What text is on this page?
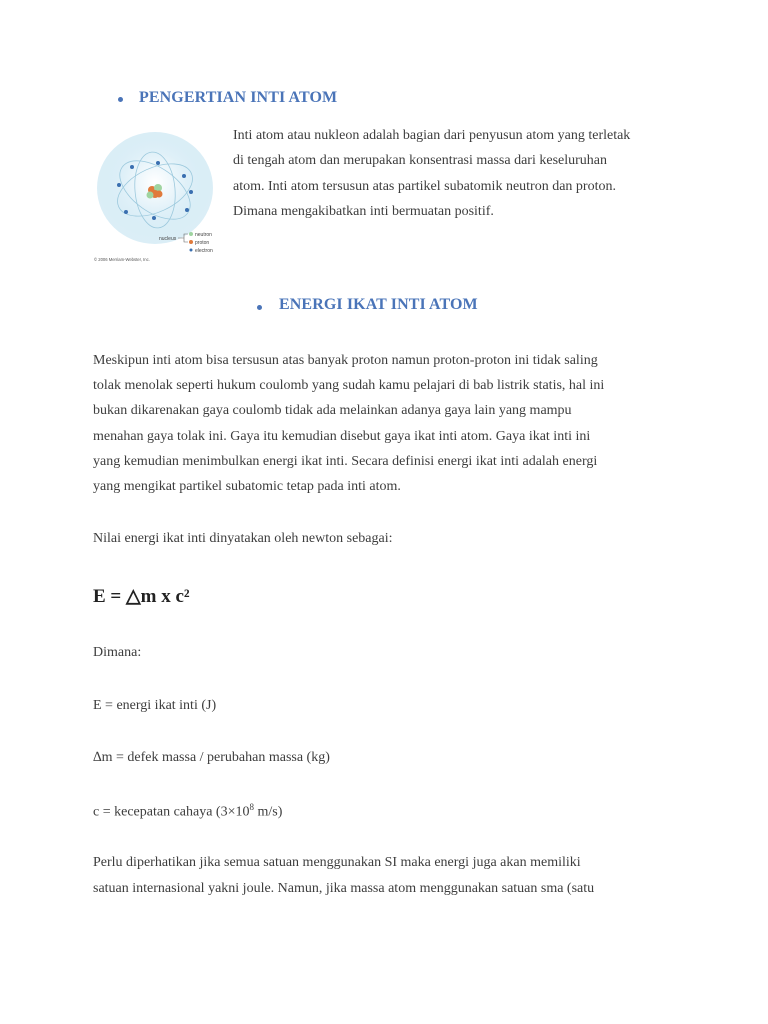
PENGERTIAN INTI ATOM
nucleus
neutron
proton
electron
© 2006 Merriam-Webster, Inc.
Inti atom atau nukleon adalah bagian dari penyusun atom yang terletak
di tengah atom dan merupakan konsentrasi massa dari keseluruhan
atom. Inti atom tersusun atas partikel subatomik neutron dan proton.
Dimana mengakibatkan inti bermuatan positif.
ENERGI IKAT INTI ATOM
Meskipun inti atom bisa tersusun atas banyak proton namun proton-proton ini tidak saling
tolak menolak seperti hukum coulomb yang sudah kamu pelajari di bab listrik statis, hal ini
bukan dikarenakan gaya coulomb tidak ada melainkan adanya gaya lain yang mampu
menahan gaya tolak ini. Gaya itu kemudian disebut gaya ikat inti atom. Gaya ikat inti ini
yang kemudian menimbulkan energi ikat inti. Secara definisi energi ikat inti adalah energi
yang mengikat partikel subatomic tetap pada inti atom.
Nilai energi ikat inti dinyatakan oleh newton sebagai:
E = △m x c²
Dimana:
E = energi ikat inti (J)
∆m = defek massa / perubahan massa (kg)
c = kecepatan cahaya ($3\times 10^8$ m/s)
Perlu diperhatikan jika semua satuan menggunakan SI maka energi juga akan memiliki
satuan internasional yakni joule. Namun, jika massa atom menggunakan satuan sma (satu
